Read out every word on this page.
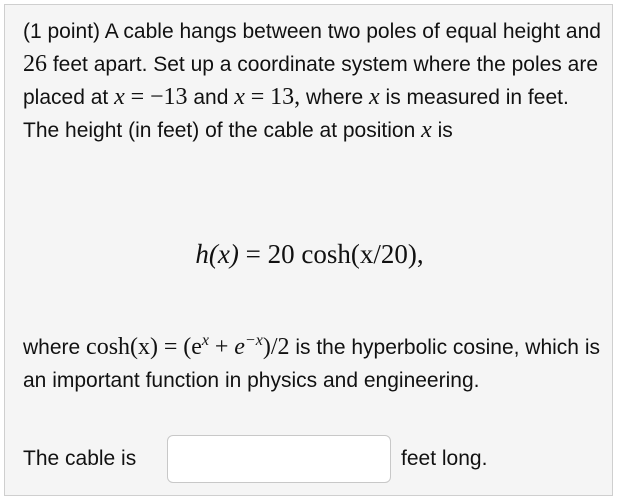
(1 point) A cable hangs between two poles of equal height and 26 feet apart. Set up a coordinate system where the poles are placed at x = −13 and x = 13, where x is measured in feet. The height (in feet) of the cable at position x is
h(x) = 20 cosh(x/20),
where $\cosh(x) = (e^x + e^{-x})/2$ is the hyperbolic cosine, which is an important function in physics and engineering.
The cable is	feet long.
